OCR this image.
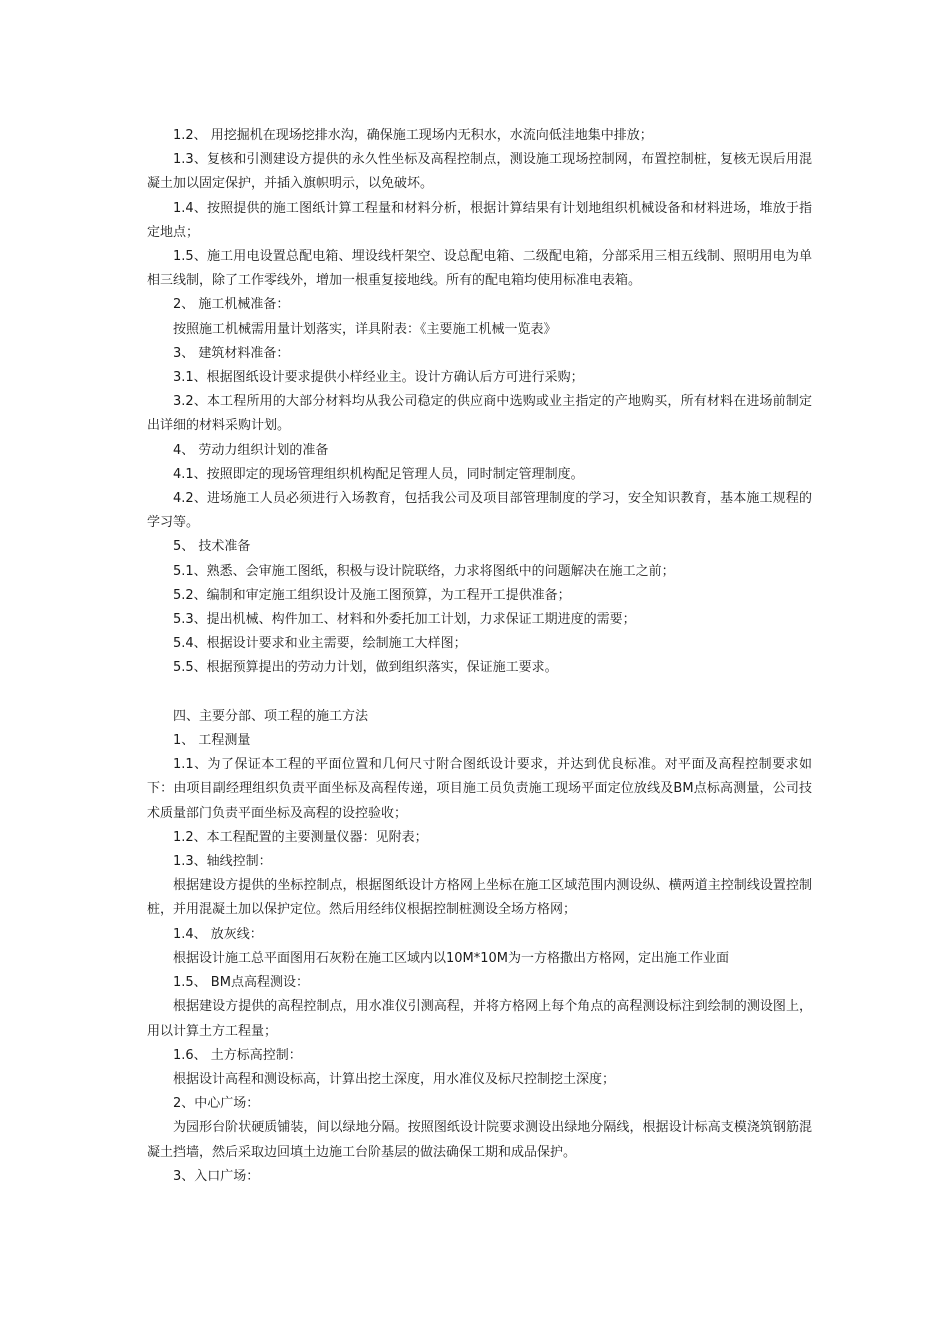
1.2、 用挖掘机在现场挖排水沟，确保施工现场内无积水，水流向低洼地集中排放；

1.3、复核和引测建设方提供的永久性坐标及高程控制点，测设施工现场控制网，布置控制桩，复核无误后用混凝土加以固定保护，并插入旗帜明示，以免破坏。

1.4、按照提供的施工图纸计算工程量和材料分析，根据计算结果有计划地组织机械设备和材料进场，堆放于指定地点；

1.5、施工用电设置总配电箱、埋设线杆架空、设总配电箱、二级配电箱，分部采用三相五线制、照明用电为单相三线制，除了工作零线外，增加一根重复接地线。所有的配电箱均使用标准电表箱。

2、 施工机械准备：

按照施工机械需用量计划落实，详具附表：《主要施工机械一览表》

3、 建筑材料准备：

3.1、根据图纸设计要求提供小样经业主。设计方确认后方可进行采购；

3.2、本工程所用的大部分材料均从我公司稳定的供应商中选购或业主指定的产地购买，所有材料在进场前制定出详细的材料采购计划。

4、 劳动力组织计划的准备

4.1、按照即定的现场管理组织机构配足管理人员，同时制定管理制度。

4.2、进场施工人员必须进行入场教育，包括我公司及项目部管理制度的学习，安全知识教育，基本施工规程的学习等。

5、 技术准备

5.1、熟悉、会审施工图纸，积极与设计院联络，力求将图纸中的问题解决在施工之前；

5.2、编制和审定施工组织设计及施工图预算，为工程开工提供准备；

5.3、提出机械、构件加工、材料和外委托加工计划，力求保证工期进度的需要；

5.4、根据设计要求和业主需要，绘制施工大样图；

5.5、根据预算提出的劳动力计划，做到组织落实，保证施工要求。

四、主要分部、项工程的施工方法

1、 工程测量

1.1、为了保证本工程的平面位置和几何尺寸附合图纸设计要求，并达到优良标准。对平面及高程控制要求如下：由项目副经理组织负责平面坐标及高程传递，项目施工员负责施工现场平面定位放线及BM点标高测量，公司技术质量部门负责平面坐标及高程的设控验收；

1.2、本工程配置的主要测量仪器：见附表；

1.3、轴线控制：

根据建设方提供的坐标控制点，根据图纸设计方格网上坐标在施工区域范围内测设纵、横两道主控制线设置控制桩，并用混凝土加以保护定位。然后用经纬仪根据控制桩测设全场方格网；

1.4、 放灰线：

根据设计施工总平面图用石灰粉在施工区域内以10M*10M为一方格撒出方格网，定出施工作业面

1.5、 BM点高程测设：

根据建设方提供的高程控制点，用水准仪引测高程，并将方格网上每个角点的高程测设标注到绘制的测设图上，用以计算土方工程量；

1.6、 土方标高控制：

根据设计高程和测设标高，计算出挖土深度，用水准仪及标尺控制挖土深度；

2、中心广场：

为园形台阶状硬质铺装，间以绿地分隔。按照图纸设计院要求测设出绿地分隔线，根据设计标高支模浇筑钢筋混凝土挡墙，然后采取边回填土边施工台阶基层的做法确保工期和成品保护。

3、入口广场：
